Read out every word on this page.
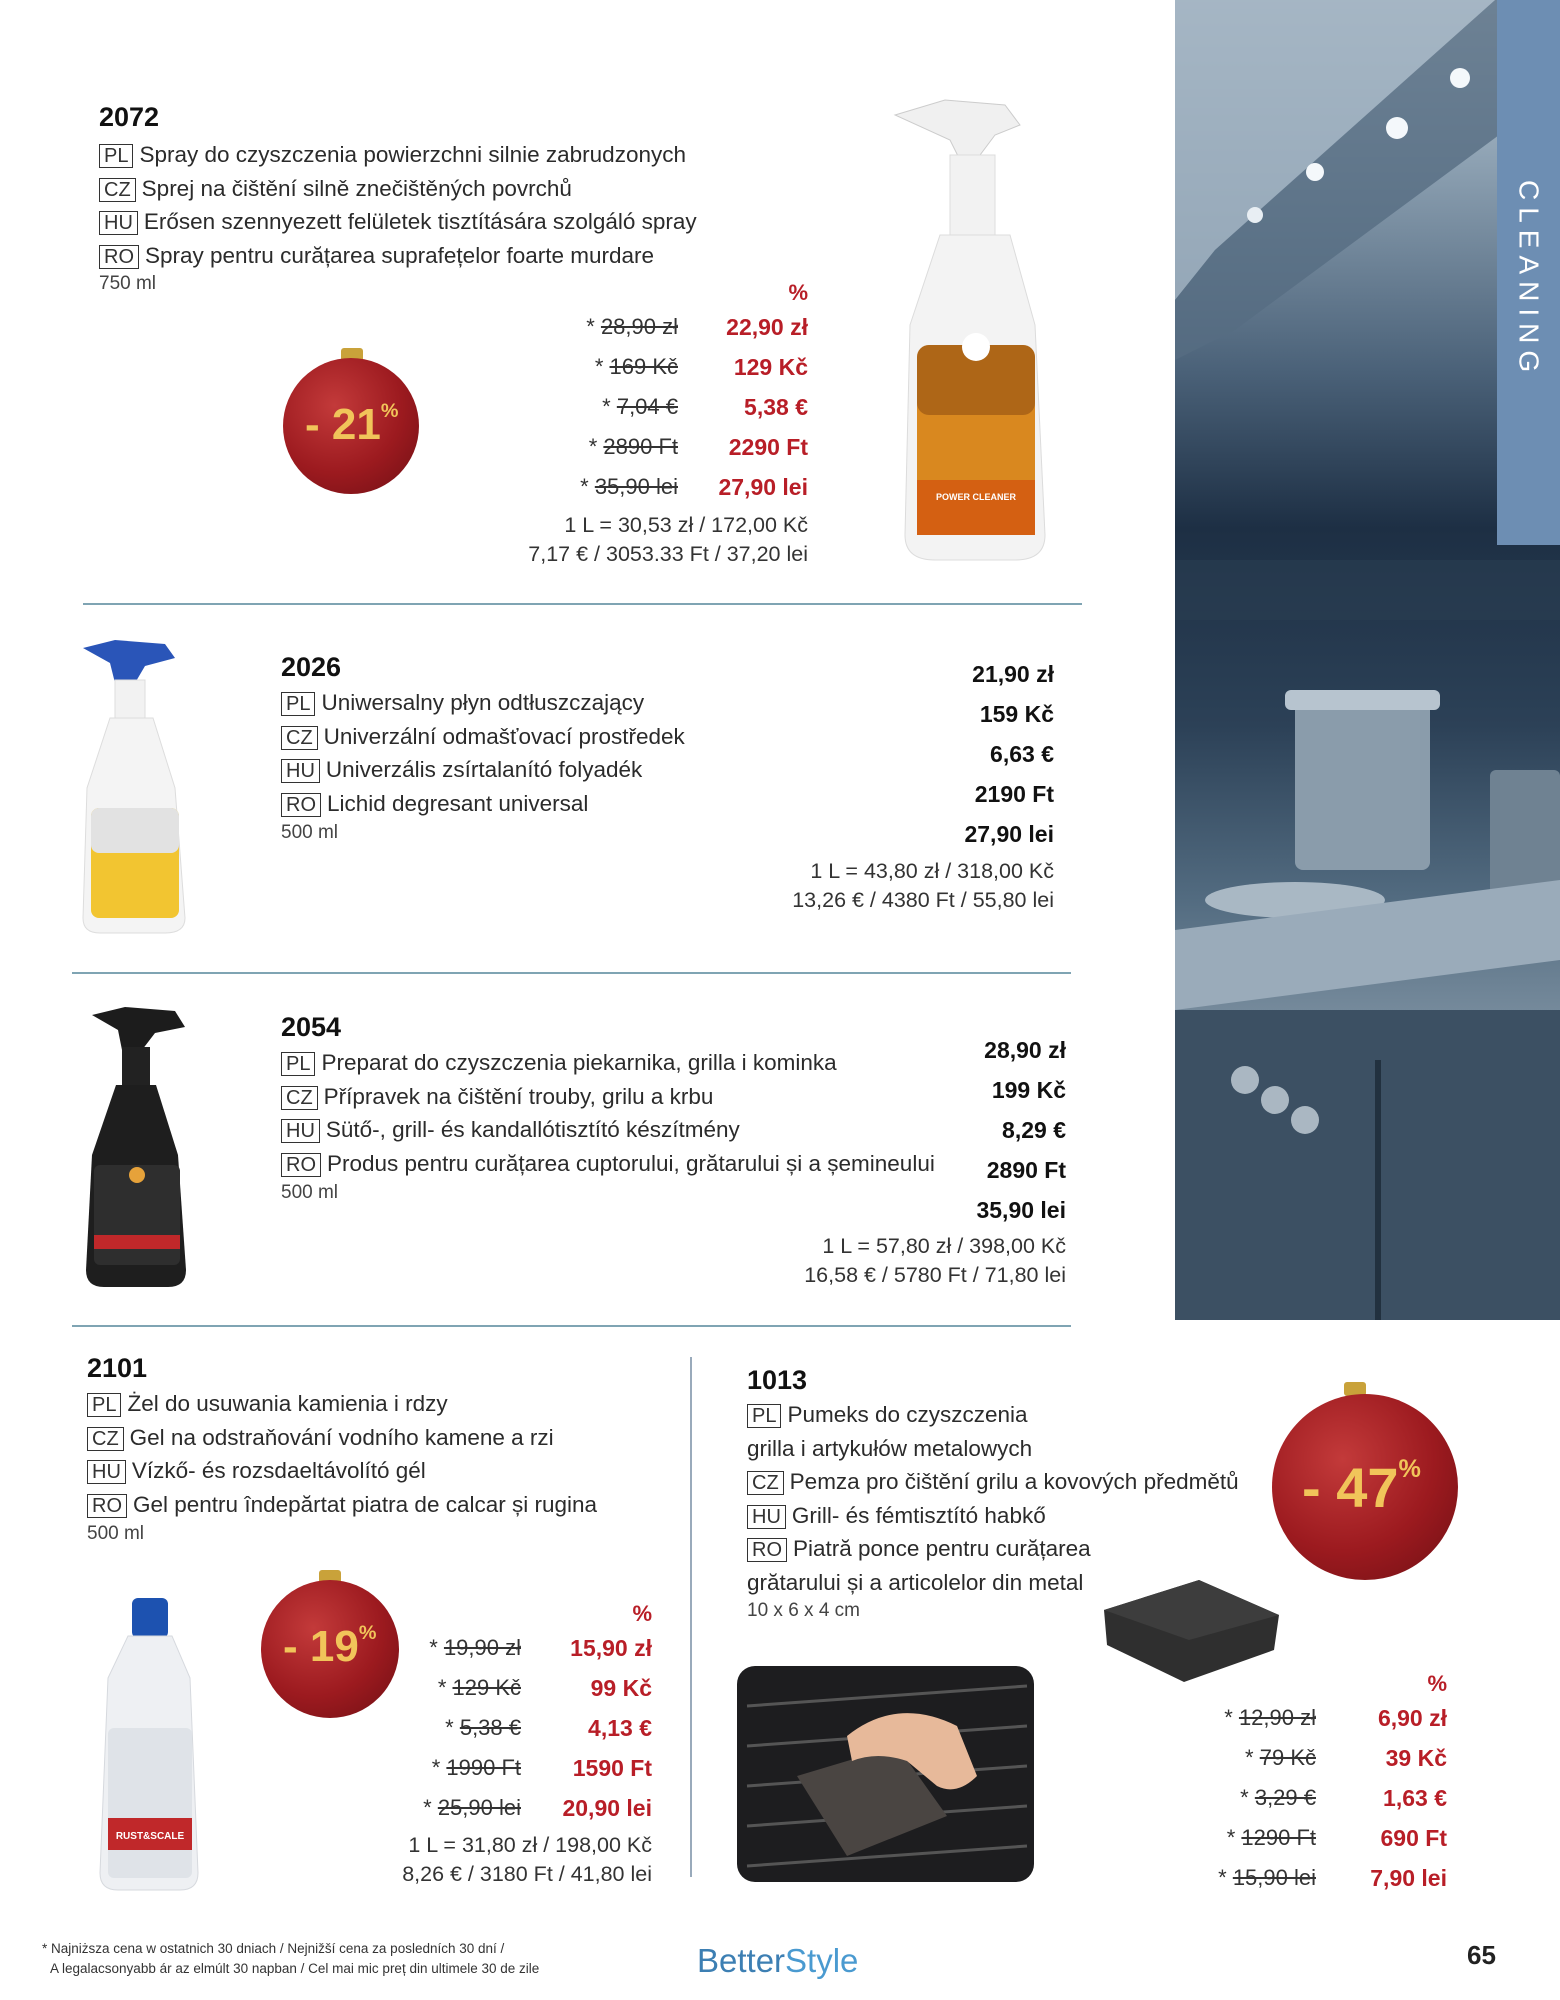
CLEANING
2072
PL Spray do czyszczenia powierzchni silnie zabrudzonych
CZ Sprej na čištění silně znečištěných povrchů
HU Erősen szennyezett felületek tisztítására szolgáló spray
RO Spray pentru curățarea suprafețelor foarte murdare
750 ml
- 21%
%
22,90 zł
129 Kč
5,38 €
2290 Ft
27,90 lei
* 28,90 zł
* 169 Kč
* 7,04 €
* 2890 Ft
* 35,90 lei
1 L = 30,53 zł / 172,00 Kč
7,17 € / 3053.33 Ft / 37,20 lei
POWER CLEANER
2026
PL Uniwersalny płyn odtłuszczający
CZ Univerzální odmašťovací prostředek
HU Univerzális zsírtalanító folyadék
RO Lichid degresant universal
500 ml
21,90 zł
159 Kč
6,63 €
2190 Ft
27,90 lei
1 L = 43,80 zł / 318,00 Kč
13,26 € / 4380 Ft / 55,80 lei
2054
PL Preparat do czyszczenia piekarnika, grilla i kominka
CZ Přípravek na čištění trouby, grilu a krbu
HU Sütő-, grill- és kandallótisztító készítmény
RO Produs pentru curățarea cuptorului, grătarului și a șemineului
500 ml
28,90 zł
199 Kč
8,29 €
2890 Ft
35,90 lei
1 L = 57,80 zł / 398,00 Kč
16,58 € / 5780 Ft / 71,80 lei
2101
PL Żel do usuwania kamienia i rdzy
CZ Gel na odstraňování vodního kamene a rzi
HU Vízkő- és rozsdaeltávolító gél
RO Gel pentru îndepărtat piatra de calcar și rugina
500 ml
- 19%
%
15,90 zł
99 Kč
4,13 €
1590 Ft
20,90 lei
* 19,90 zł
* 129 Kč
* 5,38 €
* 1990 Ft
* 25,90 lei
1 L = 31,80 zł / 198,00 Kč
8,26 € / 3180 Ft / 41,80 lei
RUST&SCALE
1013
PL Pumeks do czyszczenia
grilla i artykułów metalowych
CZ Pemza pro čištění grilu a kovových předmětů
HU Grill- és fémtisztító habkő
RO Piatră ponce pentru curățarea
grătarului și a articolelor din metal
10 x 6 x 4 cm
- 47%
%
6,90 zł
39 Kč
1,63 €
690 Ft
7,90 lei
* 12,90 zł
* 79 Kč
* 3,29 €
* 1290 Ft
* 15,90 lei
* Najniższa cena w ostatnich 30 dniach / Nejnižší cena za posledních 30 dní /
A legalacsonyabb ár az elmúlt 30 napban / Cel mai mic preț din ultimele 30 de zile	BetterStyle	65
